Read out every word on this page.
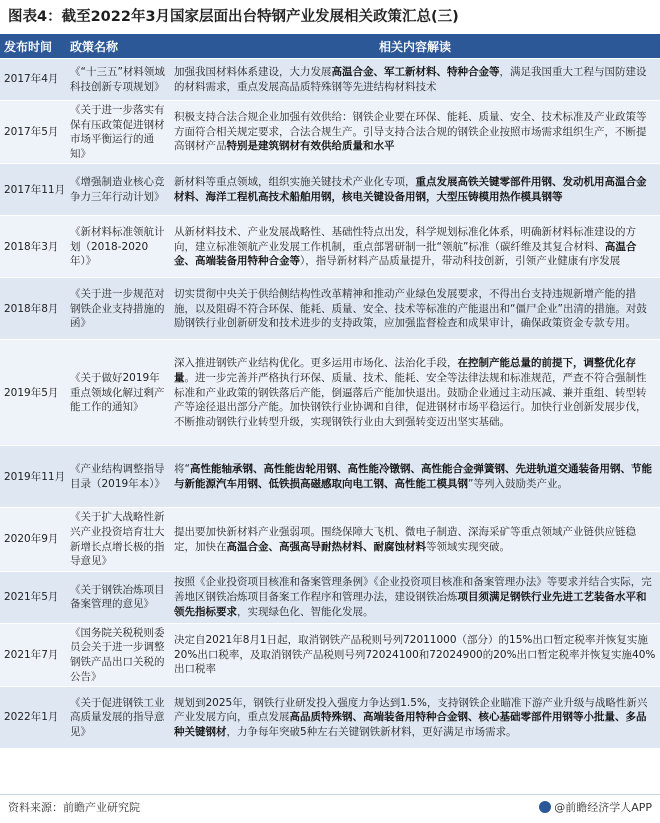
图表4：截至2022年3月国家层面出台特钢产业发展相关政策汇总(三)
发布时间	政策名称	相关内容解读
2017年4月	《“十三五”材料领域科技创新专项规划》	加强我国材料体系建设，大力发展高温合金、军工新材料、特种合金等，满足我国重大工程与国防建设的材料需求，重点发展高品质特殊钢等先进结构材料技术
2017年5月	《关于进一步落实有保有压政策促进钢材市场平衡运行的通知》	积极支持合法合规企业加强有效供给：钢铁企业要在环保、能耗、质量、安全、技术标准及产业政策等方面符合相关规定要求，合法合规生产。引导支持合法合规的钢铁企业按照市场需求组织生产，不断提高钢材产品特别是建筑钢材有效供给质量和水平
2017年11月	《增强制造业核心竞争力三年行动计划》	新材料等重点领域，组织实施关键技术产业化专项，重点发展高铁关键零部件用钢、发动机用高温合金材料、海洋工程机高技术船舶用钢，核电关键设备用钢，大型压铸模用热作模具钢等
2018年3月	《新材料标准领航计划（2018-2020年）》	从新材料技术、产业发展战略性、基础性特点出发，科学规划标准化体系，明确新材料标准建设的方向，建立标准领航产业发展工作机制，重点部署研制一批“领航”标准（碳纤维及其复合材料、高温合金、高端装备用特种合金等），指导新材料产品质量提升，带动科技创新，引领产业健康有序发展
2018年8月	《关于进一步规范对钢铁企业支持措施的函》	切实贯彻中央关于供给侧结构性改革精神和推动产业绿色发展要求，不得出台支持违规新增产能的措施，以及阻碍不符合环保、能耗、质量、安全、技术等标准的产能退出和“僵尸企业”出清的措施。对鼓励钢铁行业创新研发和技术进步的支持政策，应加强监督检查和成果审计，确保政策资金专款专用。
2019年5月	《关于做好2019年重点领域化解过剩产能工作的通知》	深入推进钢铁产业结构优化。更多运用市场化、法治化手段，在控制产能总量的前提下，调整优化存量。进一步完善并严格执行环保、质量、技术、能耗、安全等法律法规和标准规范，严查不符合强制性标准和产业政策的钢铁落后产能，倒逼落后产能加快退出。鼓励企业通过主动压减、兼并重组、转型转产等途径退出部分产能。加快钢铁行业协调和自律，促进钢材市场平稳运行。加快行业创新发展步伐，不断推动钢铁行业转型升级，实现钢铁行业由大到强转变迈出坚实基础。
2019年11月	《产业结构调整指导目录（2019年本）》	将“高性能轴承钢、高性能齿轮用钢、高性能冷镦钢、高性能合金弹簧钢、先进轨道交通装备用钢、节能与新能源汽车用钢、低铁损高磁感取向电工钢、高性能工模具钢”等列入鼓励类产业。
2020年9月	《关于扩大战略性新兴产业投资培育壮大新增长点增长极的指导意见》	提出要加快新材料产业强弱项。围绕保障大飞机、微电子制造、深海采矿等重点领域产业链供应链稳定，加快在高温合金、高强高导耐热材料、耐腐蚀材料等领域实现突破。
2021年5月	《关于钢铁冶炼项目备案管理的意见》	按照《企业投资项目核准和备案管理条例》《企业投资项目核准和备案管理办法》等要求并结合实际，完善地区钢铁冶炼项目备案工作程序和管理办法，建设钢铁冶炼项目须满足钢铁行业先进工艺装备水平和领先指标要求，实现绿色化、智能化发展。
2021年7月	《国务院关税税则委员会关于进一步调整钢铁产品出口关税的公告》	决定自2021年8月1日起，取消钢铁产品税则号列72011000（部分）的15%出口暂定税率并恢复实施20%出口税率，及取消钢铁产品税则号列72024100和72024900的20%出口暂定税率并恢复实施40%出口税率
2022年1月	《关于促进钢铁工业高质量发展的指导意见》	规划到2025年，钢铁行业研发投入强度力争达到1.5%，支持钢铁企业瞄准下游产业升级与战略性新兴产业发展方向，重点发展高品质特殊钢、高端装备用特种合金钢、核心基础零部件用钢等小批量、多品种关键钢材，力争每年突破5种左右关键钢铁新材料，更好满足市场需求。
资料来源：前瞻产业研究院	@前瞻经济学人APP
